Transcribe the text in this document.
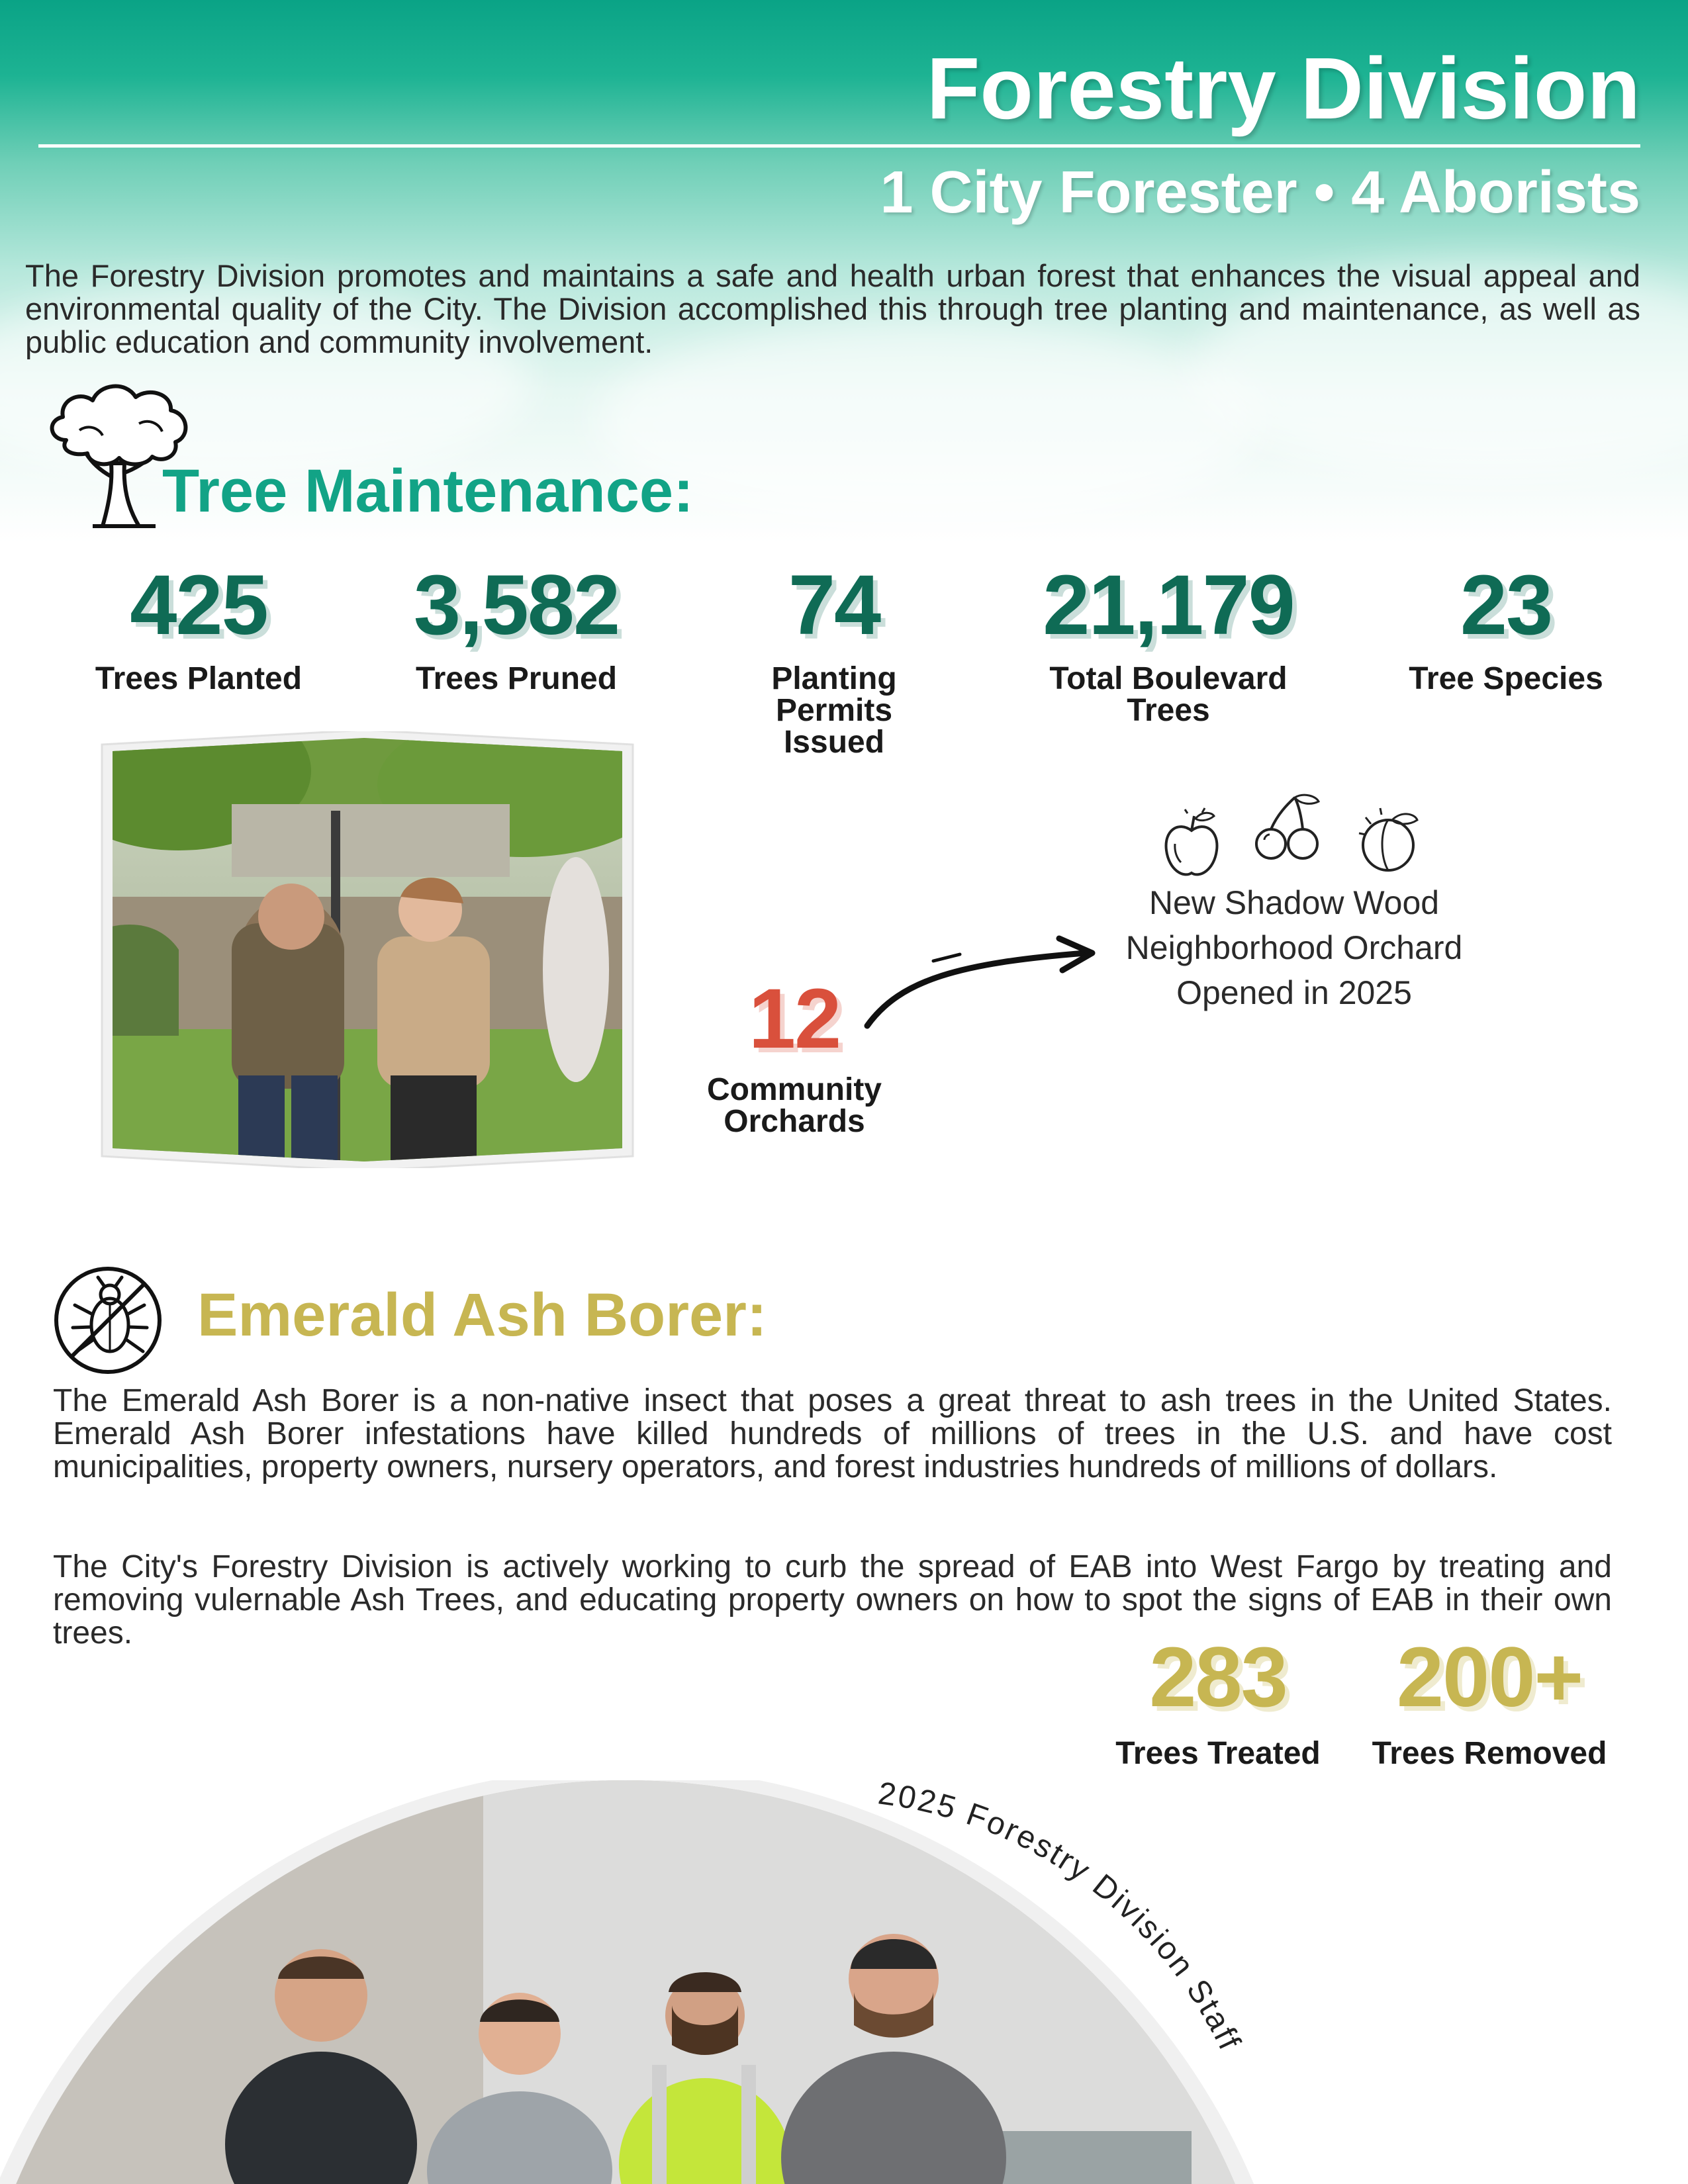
Forestry Division
1 City Forester • 4 Aborists
The Forestry Division promotes and maintains a safe and health urban forest that enhances the visual appeal and environmental quality of the City. The Division accomplished this through tree planting and maintenance, as well as public education and community involvement.
Tree Maintenance:
425
Trees Planted
3,582
Trees Pruned
74
Planting Permits Issued
21,179
Total Boulevard Trees
23
Tree Species
12
Community Orchards
New Shadow Wood
Neighborhood Orchard
Opened in 2025
Emerald Ash Borer:
The Emerald Ash Borer is a non-native insect that poses a great threat to ash trees in the United States. Emerald Ash Borer infestations have killed hundreds of millions of trees in the U.S. and have cost municipalities, property owners, nursery operators, and forest industries hundreds of millions of dollars.
The City's Forestry Division is actively working to curb the spread of EAB into West Fargo by treating and removing vulernable Ash Trees, and educating property owners on how to spot the signs of EAB in their own trees.	283
Trees Treated
200+
Trees Removed
2025 Forestry Division Staff
